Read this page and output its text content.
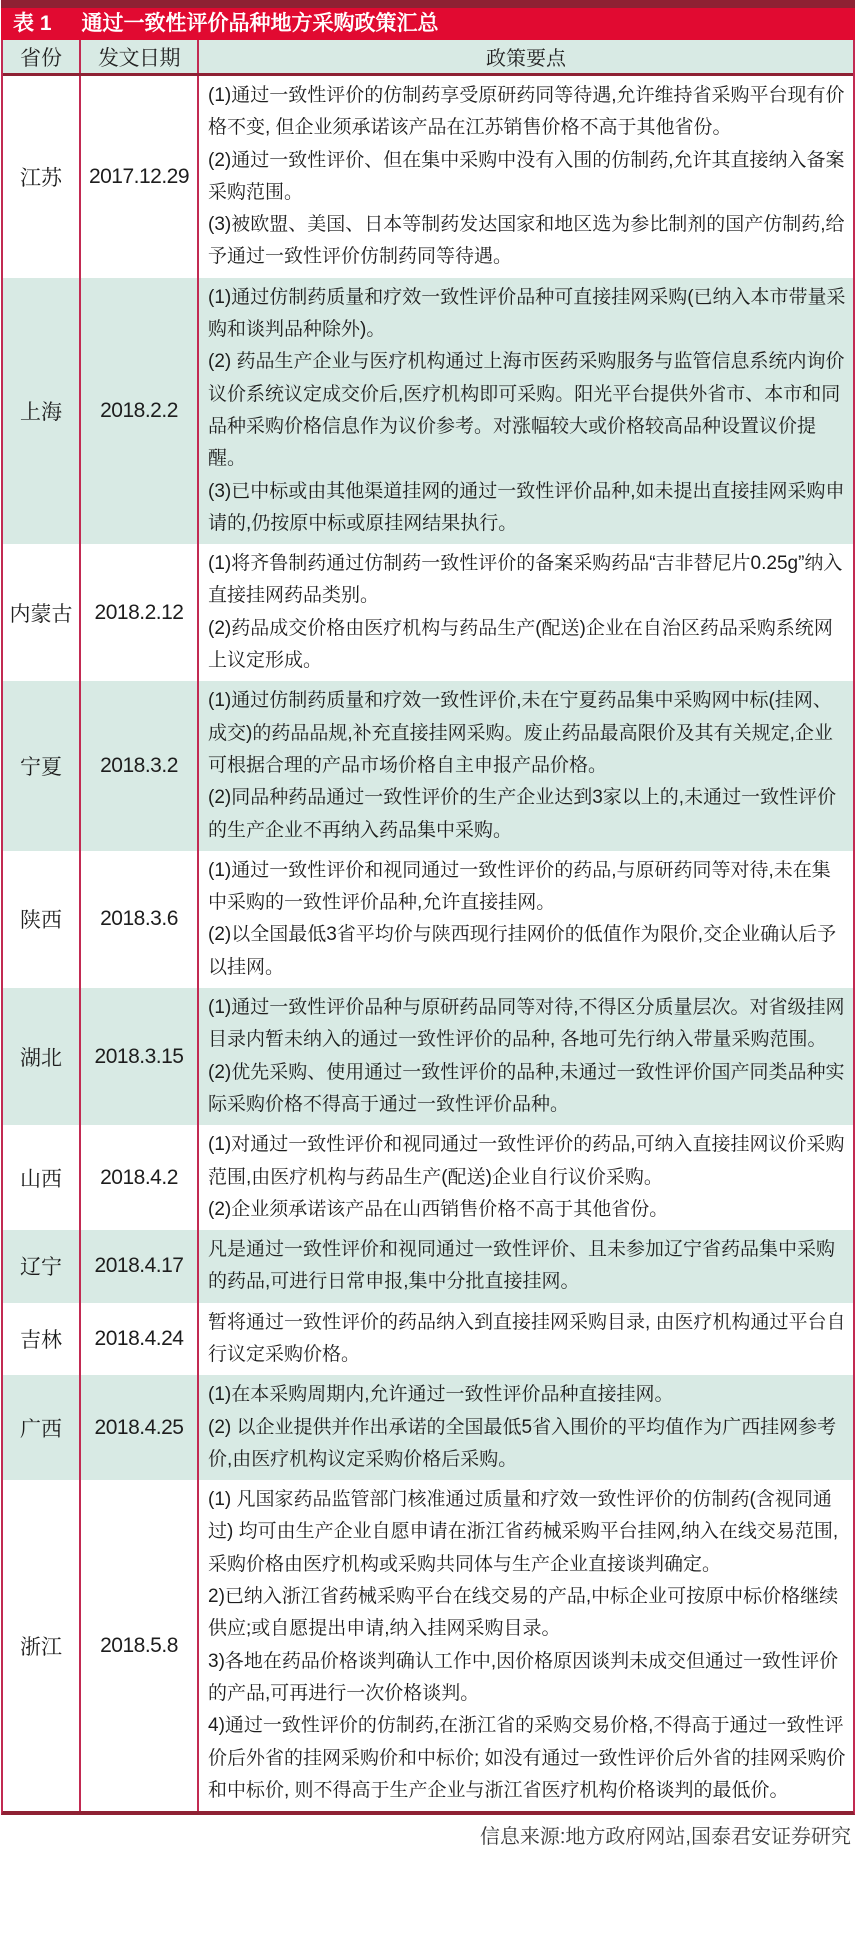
表 1 通过一致性评价品种地方采购政策汇总
省份	发文日期	政策要点
江苏	2017.12.29

(1)通过一致性评价的仿制药享受原研药同等待遇,允许维持省采购平台现有价格不变, 但企业须承诺该产品在江苏销售价格不高于其他省份。

(2)通过一致性评价、但在集中采购中没有入围的仿制药,允许其直接纳入备案采购范围。

(3)被欧盟、美国、日本等制药发达国家和地区选为参比制剂的国产仿制药,给予通过一致性评价仿制药同等待遇。

上海	2018.2.2

(1)通过仿制药质量和疗效一致性评价品种可直接挂网采购(已纳入本市带量采购和谈判品种除外)。

(2) 药品生产企业与医疗机构通过上海市医药采购服务与监管信息系统内询价议价系统议定成交价后,医疗机构即可采购。阳光平台提供外省市、本市和同品种采购价格信息作为议价参考。对涨幅较大或价格较高品种设置议价提醒。

(3)已中标或由其他渠道挂网的通过一致性评价品种,如未提出直接挂网采购申请的,仍按原中标或原挂网结果执行。

内蒙古	2018.2.12

(1)将齐鲁制药通过仿制药一致性评价的备案采购药品“吉非替尼片0.25g”纳入直接挂网药品类别。

(2)药品成交价格由医疗机构与药品生产(配送)企业在自治区药品采购系统网上议定形成。

宁夏	2018.3.2

(1)通过仿制药质量和疗效一致性评价,未在宁夏药品集中采购网中标(挂网、成交)的药品品规,补充直接挂网采购。废止药品最高限价及其有关规定,企业可根据合理的产品市场价格自主申报产品价格。

(2)同品种药品通过一致性评价的生产企业达到3家以上的,未通过一致性评价的生产企业不再纳入药品集中采购。

陕西	2018.3.6

(1)通过一致性评价和视同通过一致性评价的药品,与原研药同等对待,未在集中采购的一致性评价品种,允许直接挂网。

(2)以全国最低3省平均价与陕西现行挂网价的低值作为限价,交企业确认后予以挂网。

湖北	2018.3.15

(1)通过一致性评价品种与原研药品同等对待,不得区分质量层次。对省级挂网目录内暂未纳入的通过一致性评价的品种, 各地可先行纳入带量采购范围。

(2)优先采购、使用通过一致性评价的品种,未通过一致性评价国产同类品种实际采购价格不得高于通过一致性评价品种。

山西	2018.4.2

(1)对通过一致性评价和视同通过一致性评价的药品,可纳入直接挂网议价采购范围,由医疗机构与药品生产(配送)企业自行议价采购。

(2)企业须承诺该产品在山西销售价格不高于其他省份。

辽宁	2018.4.17

凡是通过一致性评价和视同通过一致性评价、且未参加辽宁省药品集中采购的药品,可进行日常申报,集中分批直接挂网。

吉林	2018.4.24

暂将通过一致性评价的药品纳入到直接挂网采购目录, 由医疗机构通过平台自行议定采购价格。

广西	2018.4.25

(1)在本采购周期内,允许通过一致性评价品种直接挂网。

(2) 以企业提供并作出承诺的全国最低5省入围价的平均值作为广西挂网参考价,由医疗机构议定采购价格后采购。

浙江	2018.5.8

(1) 凡国家药品监管部门核准通过质量和疗效一致性评价的仿制药(含视同通过) 均可由生产企业自愿申请在浙江省药械采购平台挂网,纳入在线交易范围,采购价格由医疗机构或采购共同体与生产企业直接谈判确定。

2)已纳入浙江省药械采购平台在线交易的产品,中标企业可按原中标价格继续供应;或自愿提出申请,纳入挂网采购目录。

3)各地在药品价格谈判确认工作中,因价格原因谈判未成交但通过一致性评价的产品,可再进行一次价格谈判。

4)通过一致性评价的仿制药,在浙江省的采购交易价格,不得高于通过一致性评价后外省的挂网采购价和中标价; 如没有通过一致性评价后外省的挂网采购价和中标价, 则不得高于生产企业与浙江省医疗机构价格谈判的最低价。

信息来源:地方政府网站,国泰君安证券研究
